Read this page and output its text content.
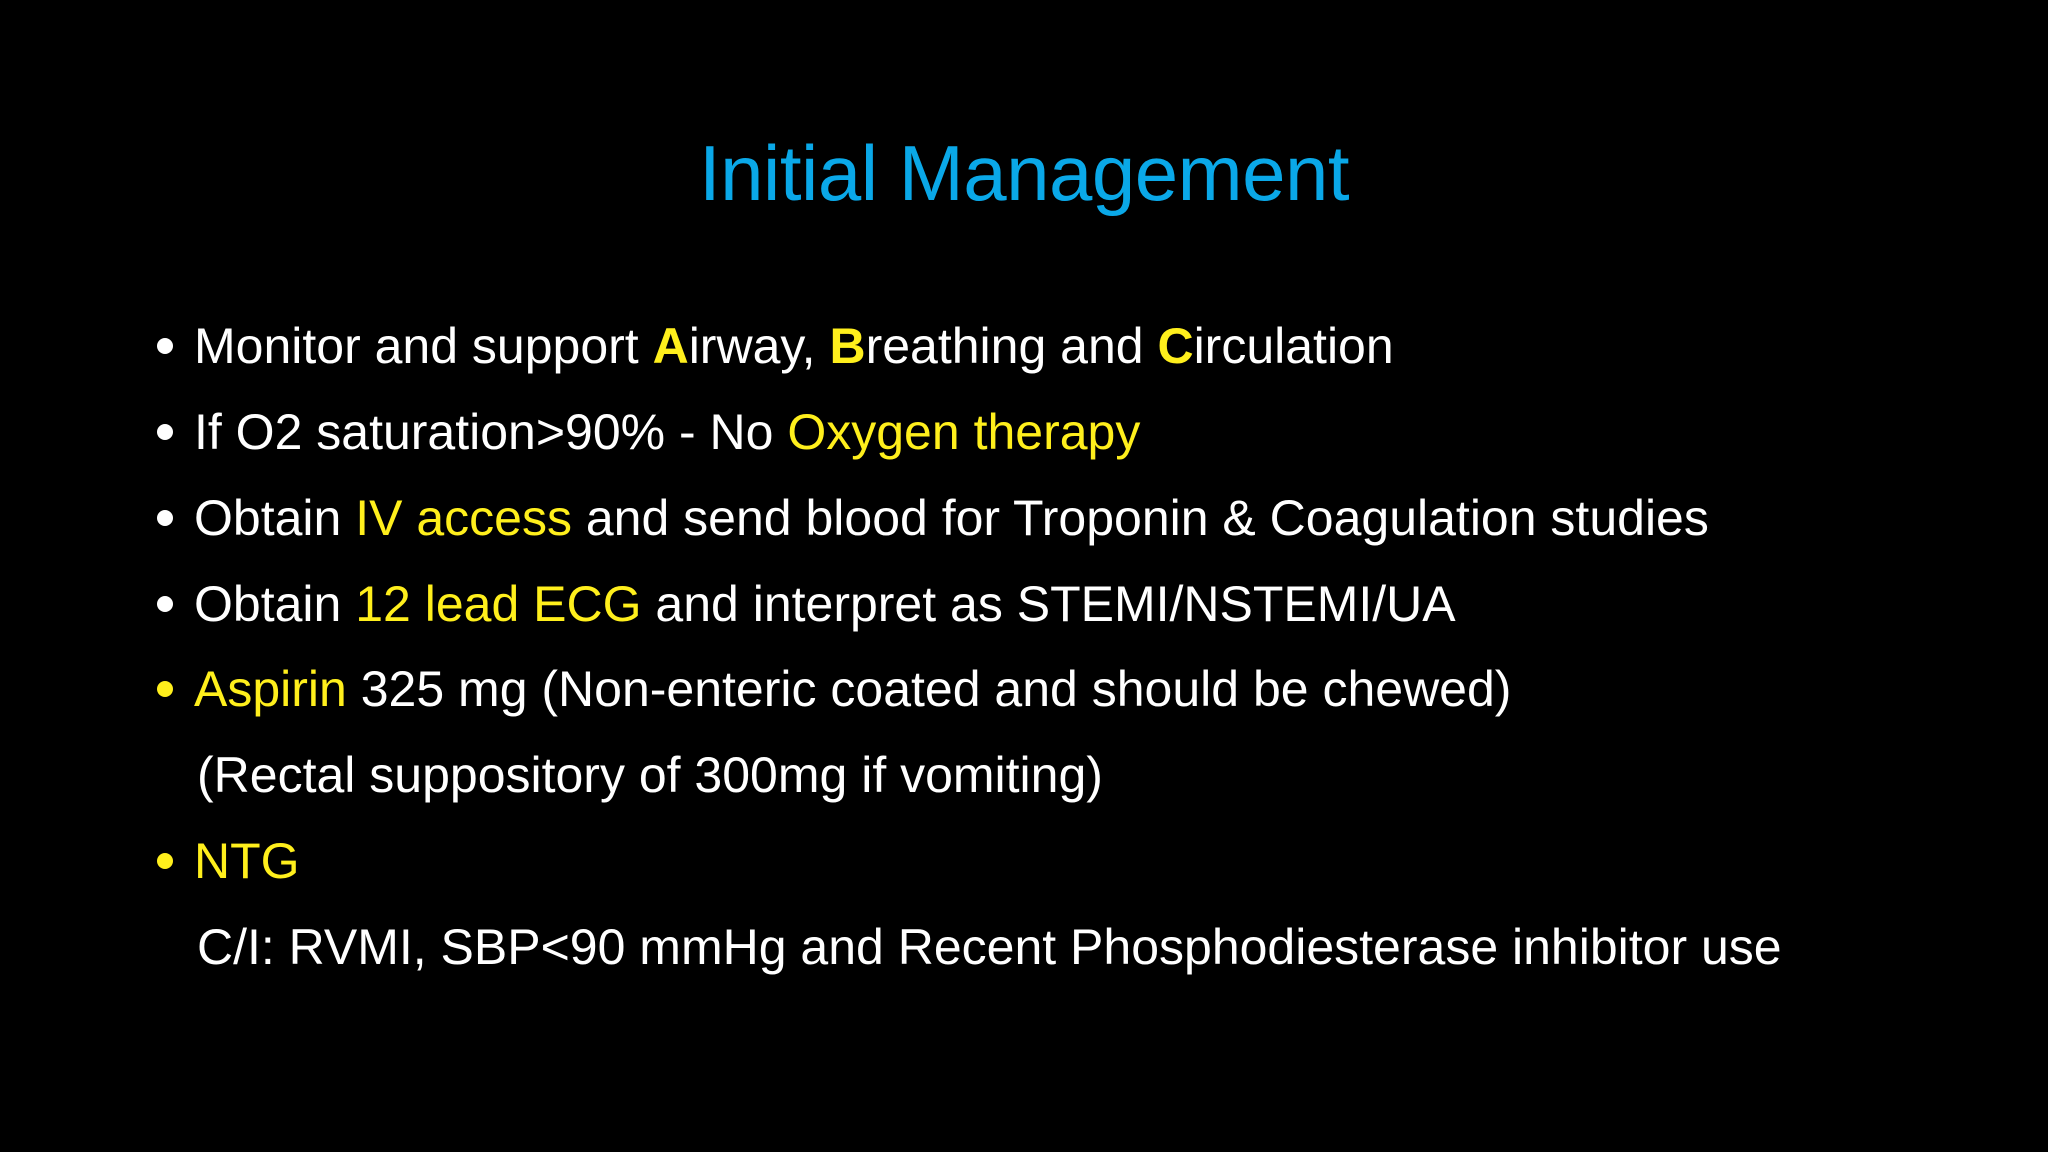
Initial Management
Monitor and support Airway, Breathing and Circulation
If O2 saturation>90% - No Oxygen therapy
Obtain IV access and send blood for Troponin & Coagulation studies
Obtain 12 lead ECG and interpret as STEMI/NSTEMI/UA
Aspirin 325 mg (Non-enteric coated and should be chewed)
(Rectal suppository of 300mg if vomiting)
NTG
C/I: RVMI, SBP<90 mmHg and Recent Phosphodiesterase inhibitor use
